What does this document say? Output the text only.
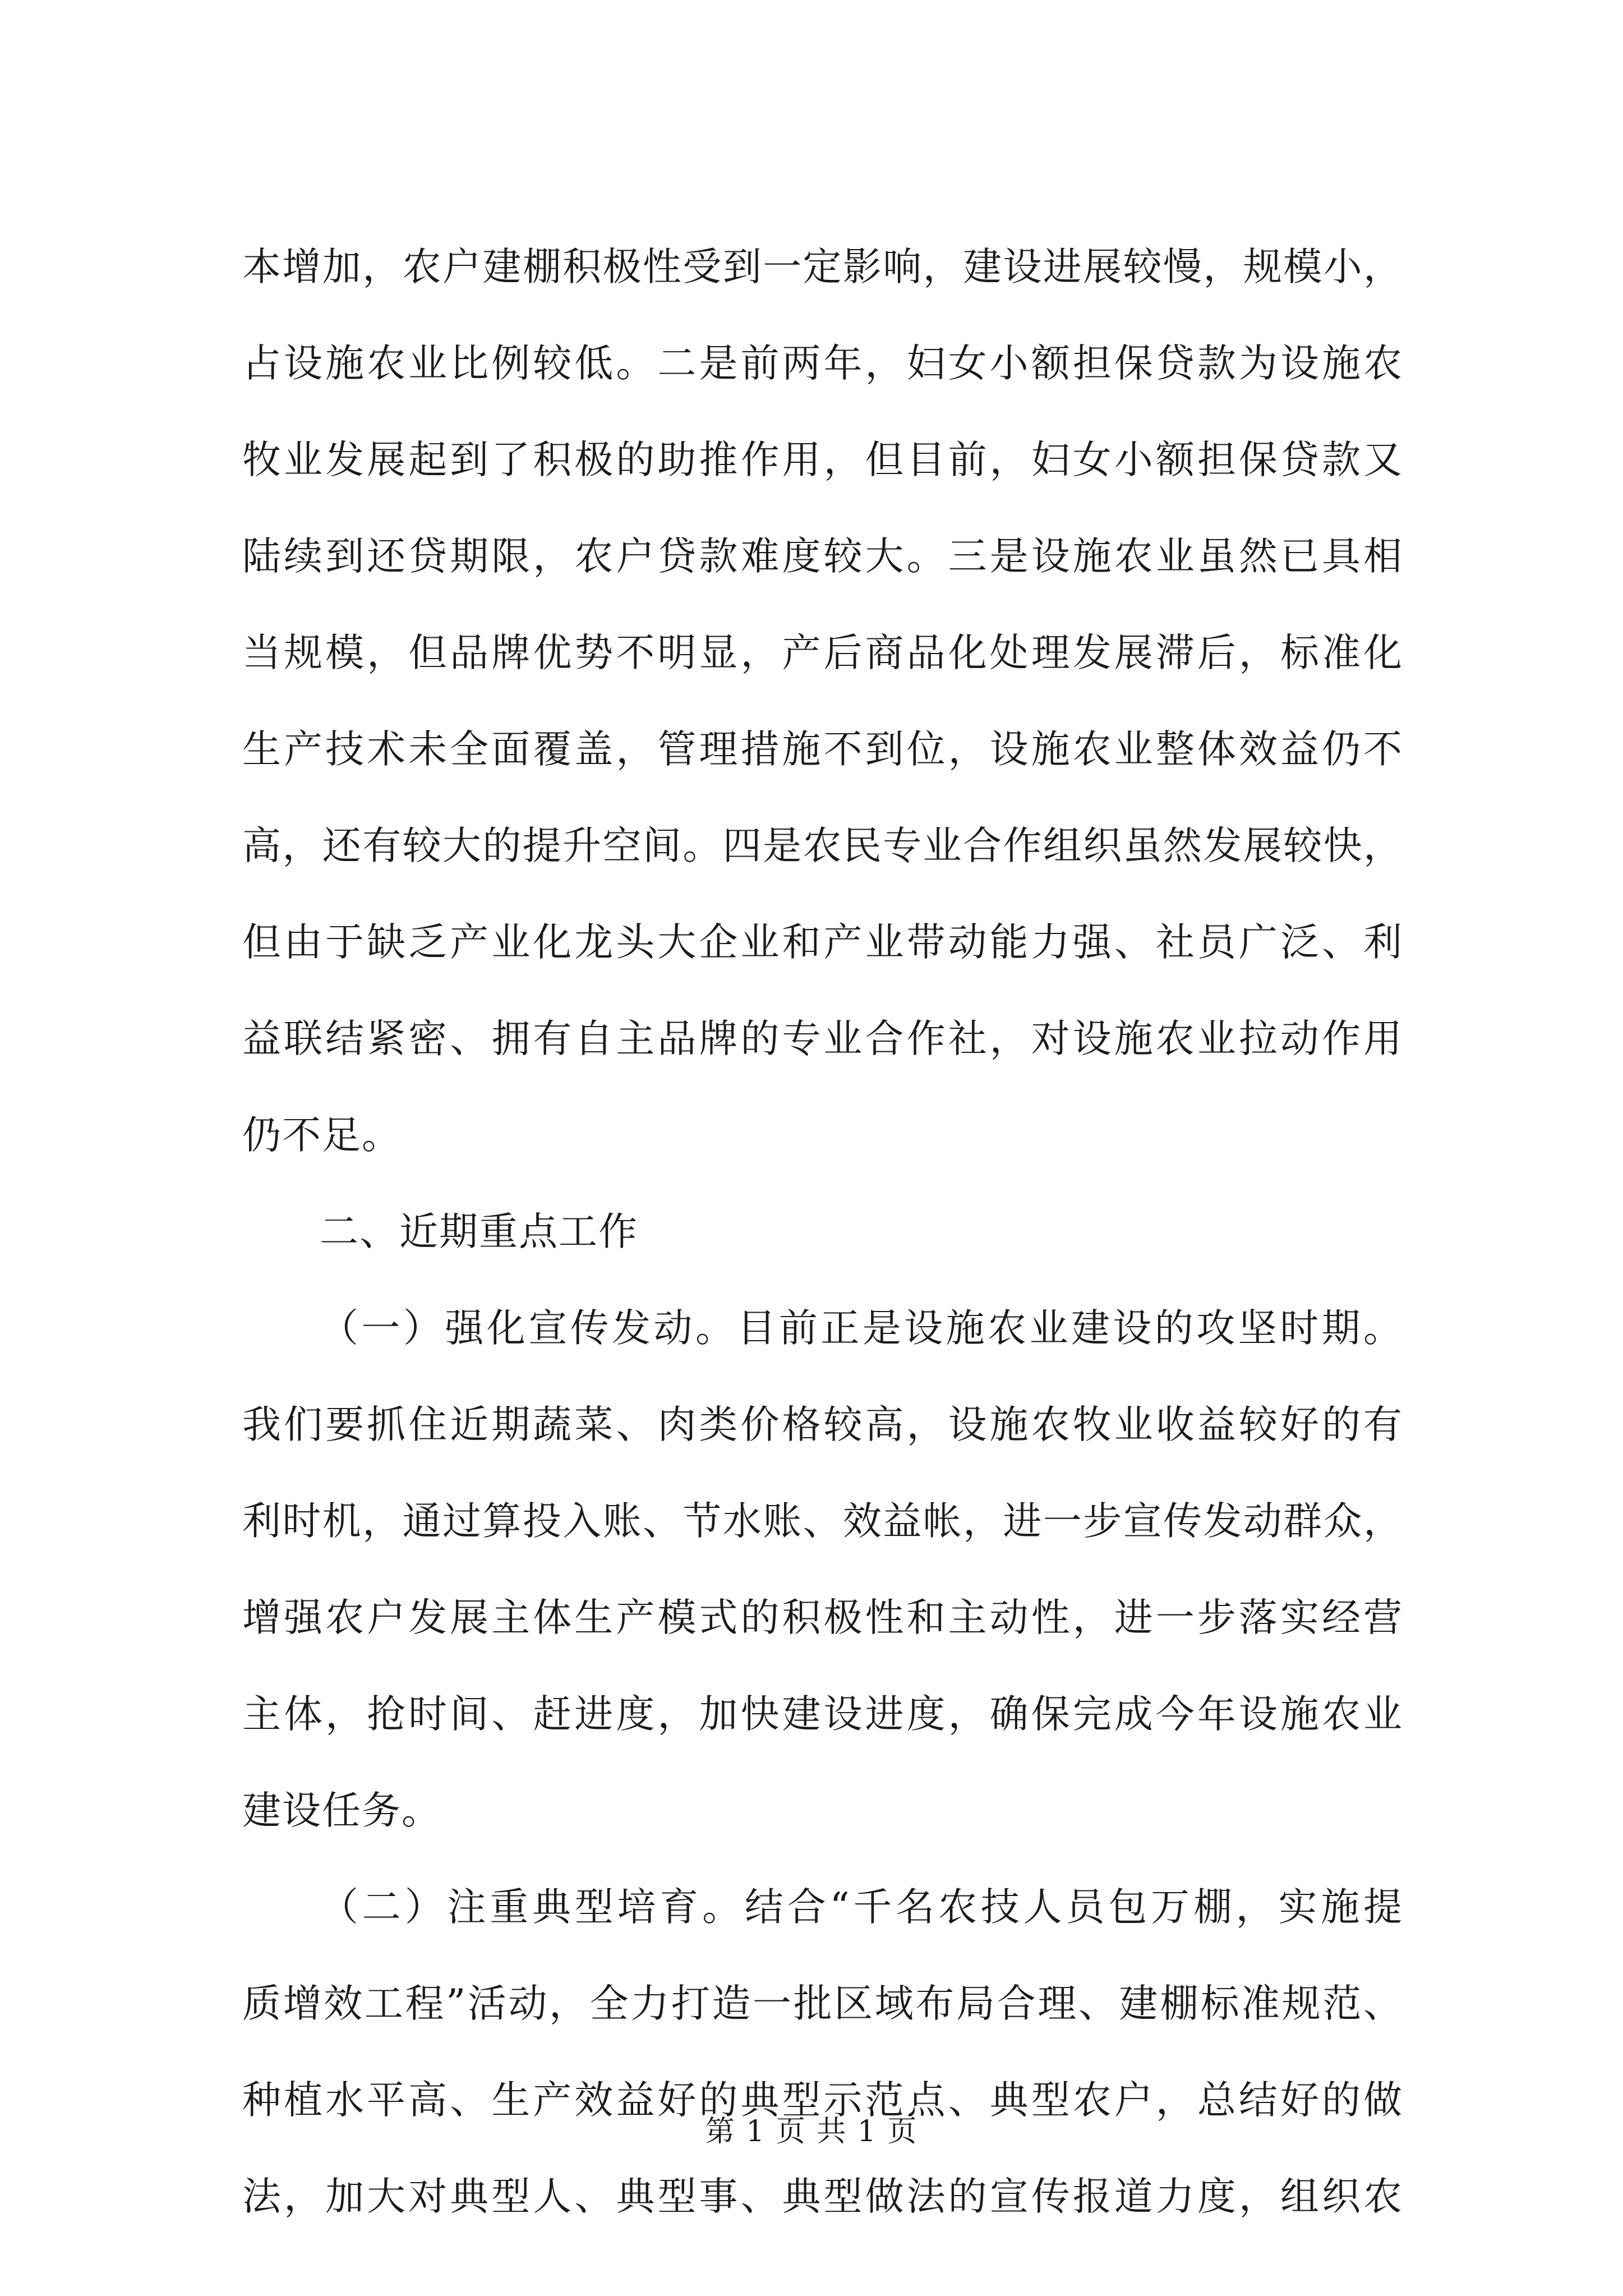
本增加，农户建棚积极性受到一定影响，建设进展较慢，规模小，
占设施农业比例较低。二是前两年，妇女小额担保贷款为设施农
牧业发展起到了积极的助推作用，但目前，妇女小额担保贷款又
陆续到还贷期限，农户贷款难度较大。三是设施农业虽然已具相
当规模，但品牌优势不明显，产后商品化处理发展滞后，标准化
生产技术未全面覆盖，管理措施不到位，设施农业整体效益仍不
高，还有较大的提升空间。四是农民专业合作组织虽然发展较快，
但由于缺乏产业化龙头大企业和产业带动能力强、社员广泛、利
益联结紧密、拥有自主品牌的专业合作社，对设施农业拉动作用
仍不足。
二、近期重点工作
（一）强化宣传发动。目前正是设施农业建设的攻坚时期。
我们要抓住近期蔬菜、肉类价格较高，设施农牧业收益较好的有
利时机，通过算投入账、节水账、效益帐，进一步宣传发动群众，
增强农户发展主体生产模式的积极性和主动性，进一步落实经营
主体，抢时间、赶进度，加快建设进度，确保完成今年设施农业
建设任务。
（二）注重典型培育。结合“千名农技人员包万棚，实施提
质增效工程”活动，全力打造一批区域布局合理、建棚标准规范、
种植水平高、生产效益好的典型示范点、典型农户，总结好的做
法，加大对典型人、典型事、典型做法的宣传报道力度，组织农
第 1 页 共 1 页
